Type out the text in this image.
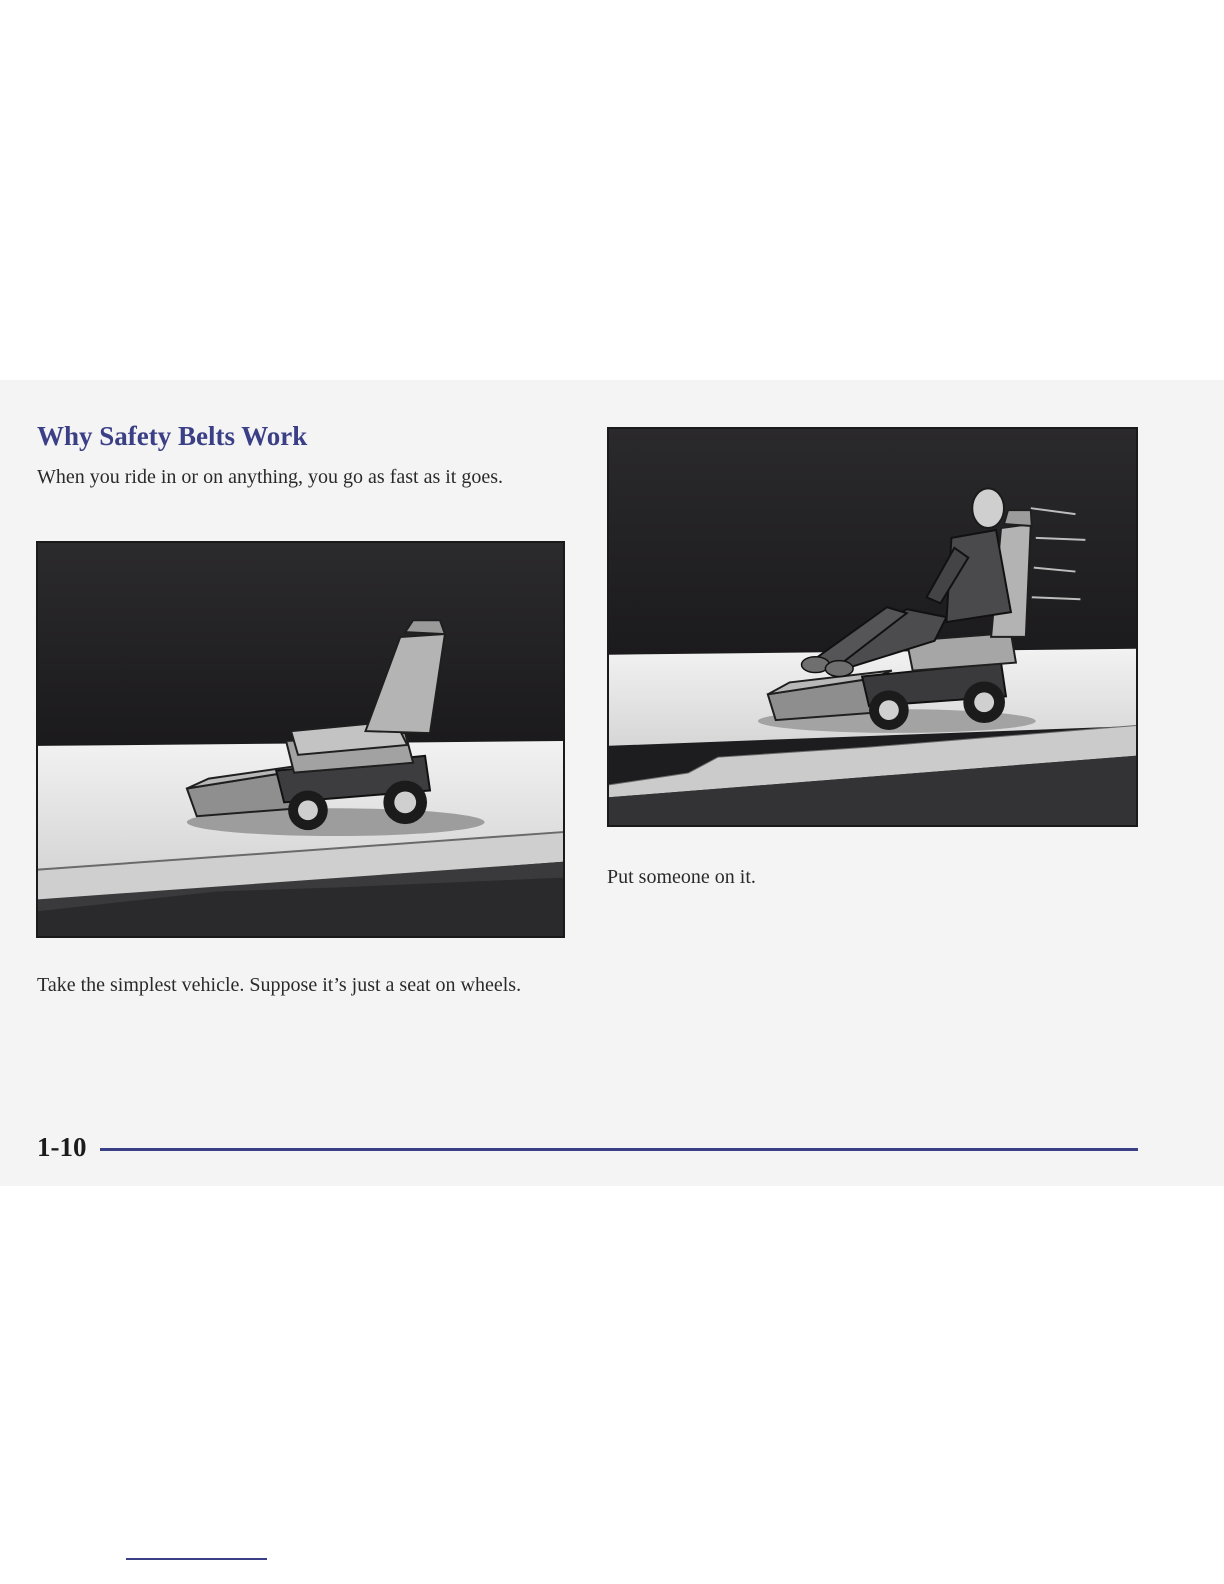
Why Safety Belts Work

When you ride in or on anything, you go as fast as it goes.

Take the simplest vehicle. Suppose it’s just a seat on wheels.

Put someone on it.

1-10
